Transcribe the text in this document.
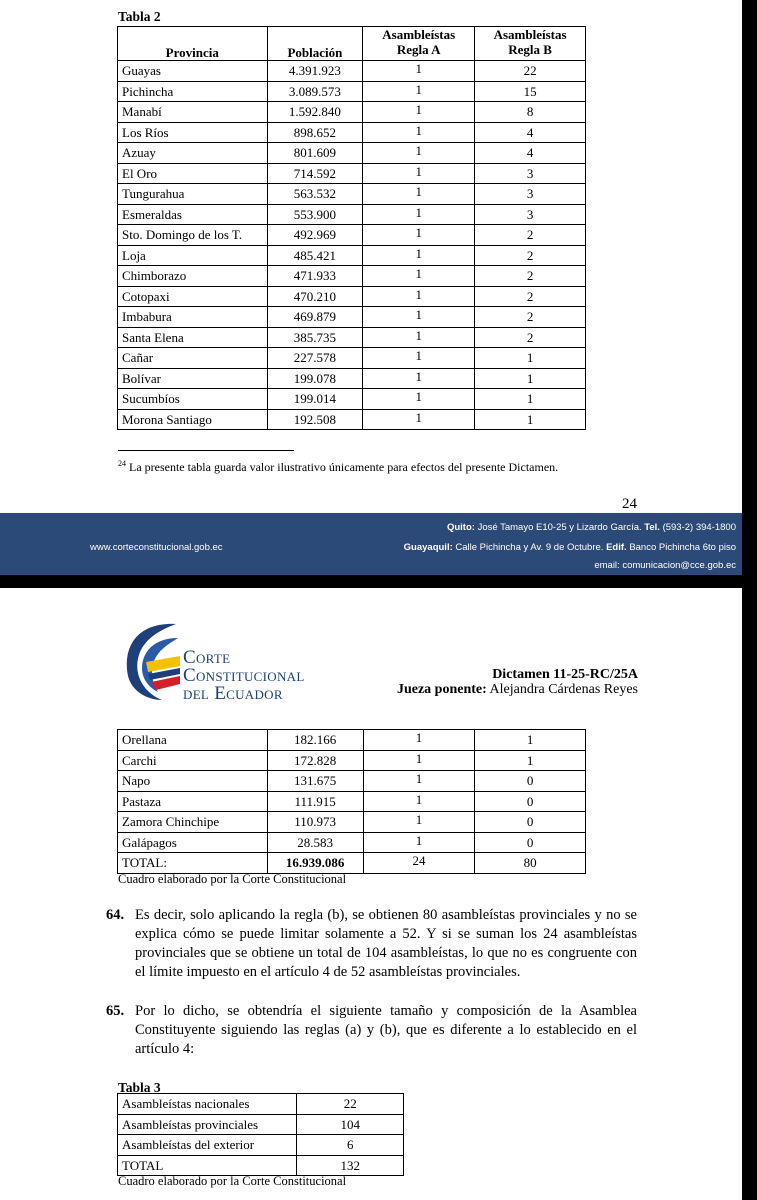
Tabla 2
Provincia	Población	Asambleístas Regla A	Asambleístas Regla B
Guayas	4.391.923	1	22
Pichincha	3.089.573	1	15
Manabí	1.592.840	1	8
Los Ríos	898.652	1	4
Azuay	801.609	1	4
El Oro	714.592	1	3
Tungurahua	563.532	1	3
Esmeraldas	553.900	1	3
Sto. Domingo de los T.	492.969	1	2
Loja	485.421	1	2
Chimborazo	471.933	1	2
Cotopaxi	470.210	1	2
Imbabura	469.879	1	2
Santa Elena	385.735	1	2
Cañar	227.578	1	1
Bolívar	199.078	1	1
Sucumbíos	199.014	1	1
Morona Santiago	192.508	1	1
$^{24}$ La presente tabla guarda valor ilustrativo únicamente para efectos del presente Dictamen.
24
Quito: José Tamayo E10-25 y Lizardo García. Tel. (593-2) 394-1800
www.corteconstitucional.gob.ec	Guayaquil: Calle Pichincha y Av. 9 de Octubre. Edif. Banco Pichincha 6to piso
email: comunicacion@cce.gob.ec
Corte
Constitucional
del Ecuador
Dictamen 11-25-RC/25A
Jueza ponente: Alejandra Cárdenas Reyes
Orellana	182.166	1	1
Carchi	172.828	1	1
Napo	131.675	1	0
Pastaza	111.915	1	0
Zamora Chinchipe	110.973	1	0
Galápagos	28.583	1	0
TOTAL:	16.939.086	24	80
Cuadro elaborado por la Corte Constitucional
64. Es decir, solo aplicando la regla (b), se obtienen 80 asambleístas provinciales y no se explica cómo se puede limitar solamente a 52. Y si se suman los 24 asambleístas provinciales que se obtiene un total de 104 asambleístas, lo que no es congruente con el límite impuesto en el artículo 4 de 52 asambleístas provinciales.
65. Por lo dicho, se obtendría el siguiente tamaño y composición de la Asamblea Constituyente siguiendo las reglas (a) y (b), que es diferente a lo establecido en el artículo 4:
Tabla 3
Asambleístas nacionales	22
Asambleístas provinciales	104
Asambleístas del exterior	6
TOTAL	132
Cuadro elaborado por la Corte Constitucional
